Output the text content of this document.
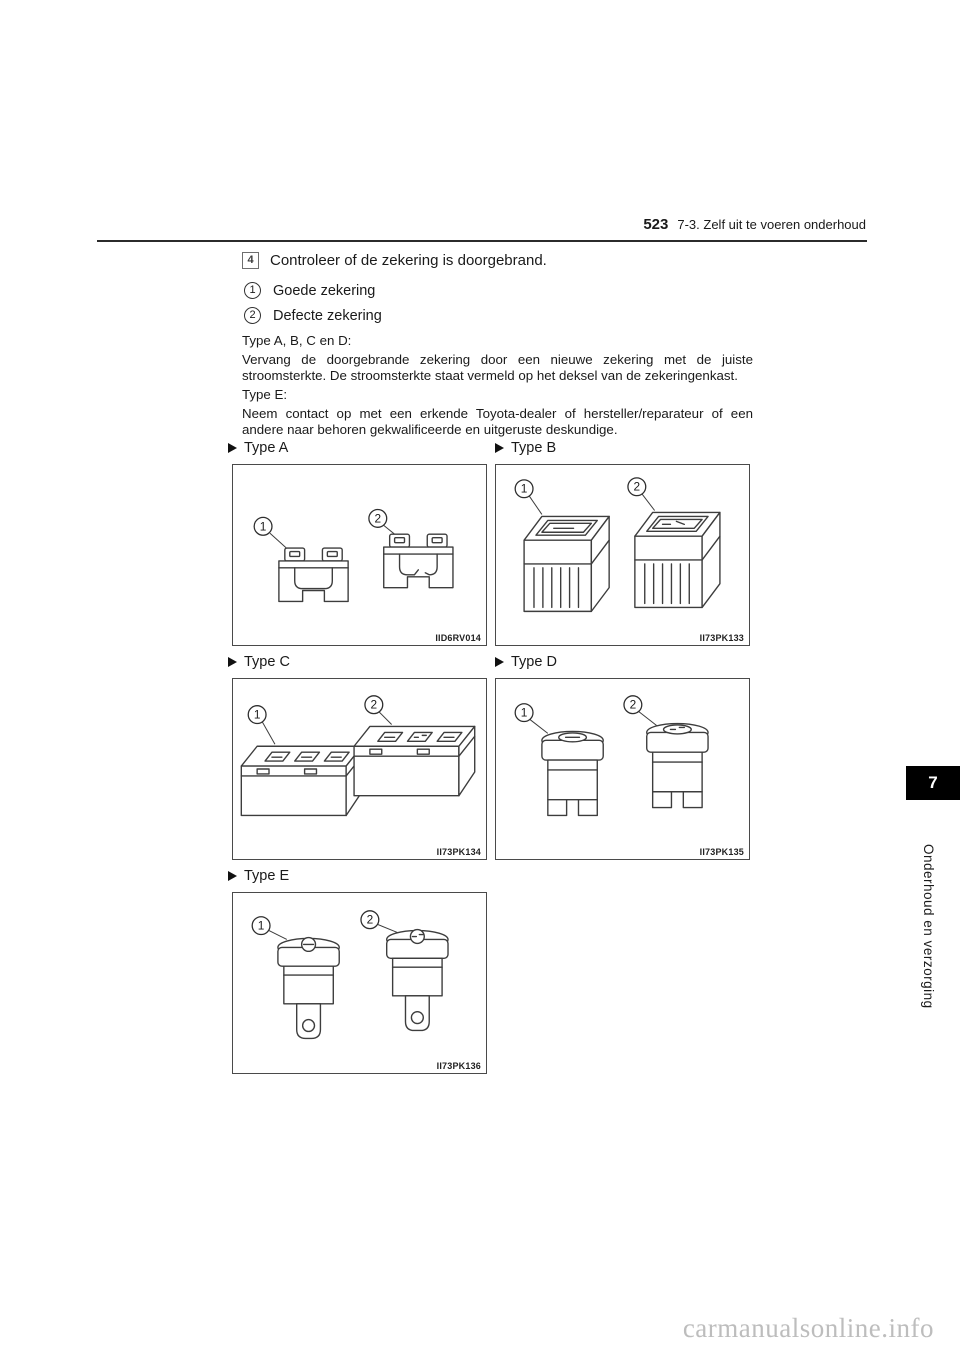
523 7-3. Zelf uit te voeren onderhoud
4	Controleer of de zekering is doorgebrand.
1	Goede zekering
2	Defecte zekering
Type A, B, C en D:
Vervang de doorgebrande zekering door een nieuwe zekering met de juiste stroomsterkte. De stroomsterkte staat vermeld op het deksel van de zekeringenkast.
Type E:
Neem contact op met een erkende Toyota-dealer of hersteller/reparateur of een andere naar behoren gekwalificeerde en uitgeruste deskundige.
Type A
1
2
IID6RV014
Type B
1	2
II73PK133
Type C
1
2
II73PK134
Type D
1
2
II73PK135
Type E
1	2
II73PK136
7
Onderhoud en verzorging
carmanualsonline.info
